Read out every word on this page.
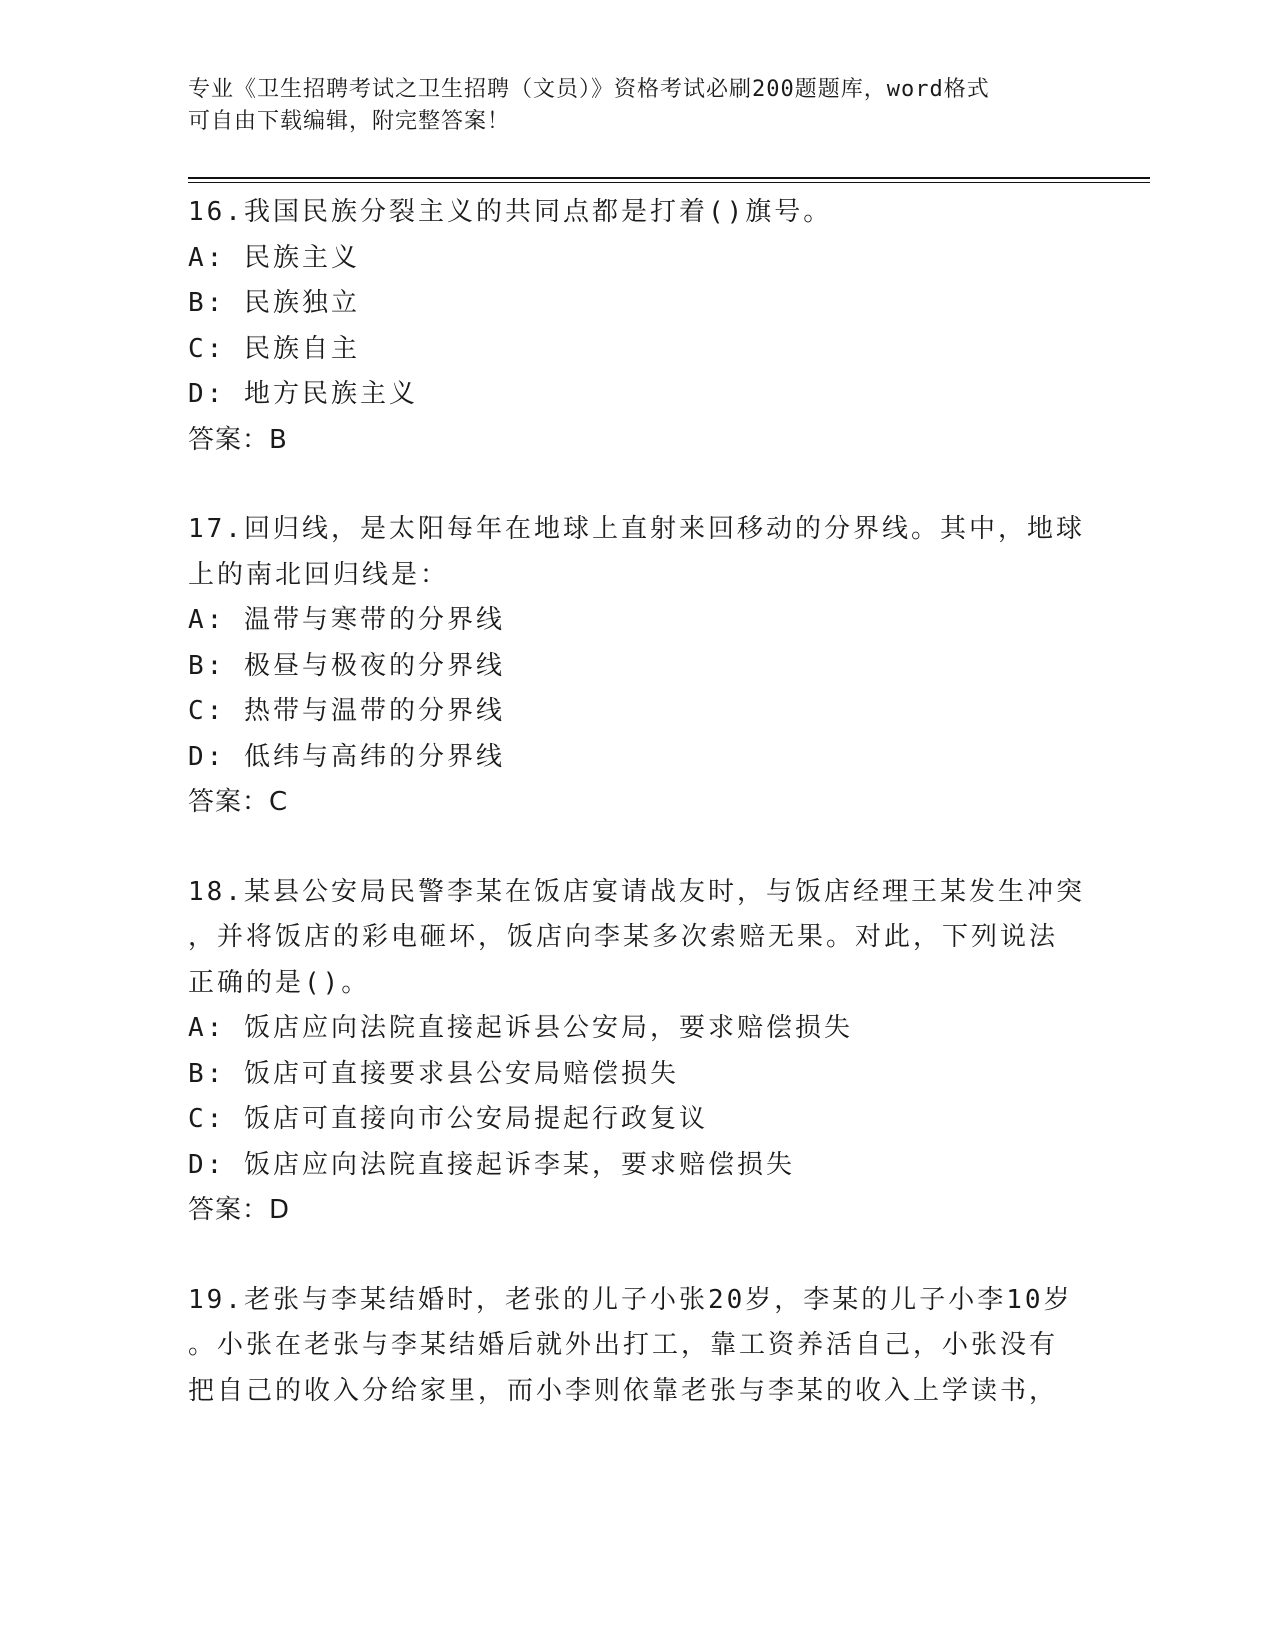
专业《卫生招聘考试之卫生招聘（文员）》资格考试必刷200题题库，word格式
可自由下载编辑，附完整答案！
16.我国民族分裂主义的共同点都是打着()旗号。
A: 民族主义
B: 民族独立
C: 民族自主
D: 地方民族主义
答案：B
17.回归线，是太阳每年在地球上直射来回移动的分界线。其中，地球
上的南北回归线是：
A: 温带与寒带的分界线
B: 极昼与极夜的分界线
C: 热带与温带的分界线
D: 低纬与高纬的分界线
答案：C
18.某县公安局民警李某在饭店宴请战友时，与饭店经理王某发生冲突
，并将饭店的彩电砸坏，饭店向李某多次索赔无果。对此，下列说法
正确的是()。
A: 饭店应向法院直接起诉县公安局，要求赔偿损失
B: 饭店可直接要求县公安局赔偿损失
C: 饭店可直接向市公安局提起行政复议
D: 饭店应向法院直接起诉李某，要求赔偿损失
答案：D
19.老张与李某结婚时，老张的儿子小张20岁，李某的儿子小李10岁
。小张在老张与李某结婚后就外出打工，靠工资养活自己，小张没有
把自己的收入分给家里，而小李则依靠老张与李某的收入上学读书，
